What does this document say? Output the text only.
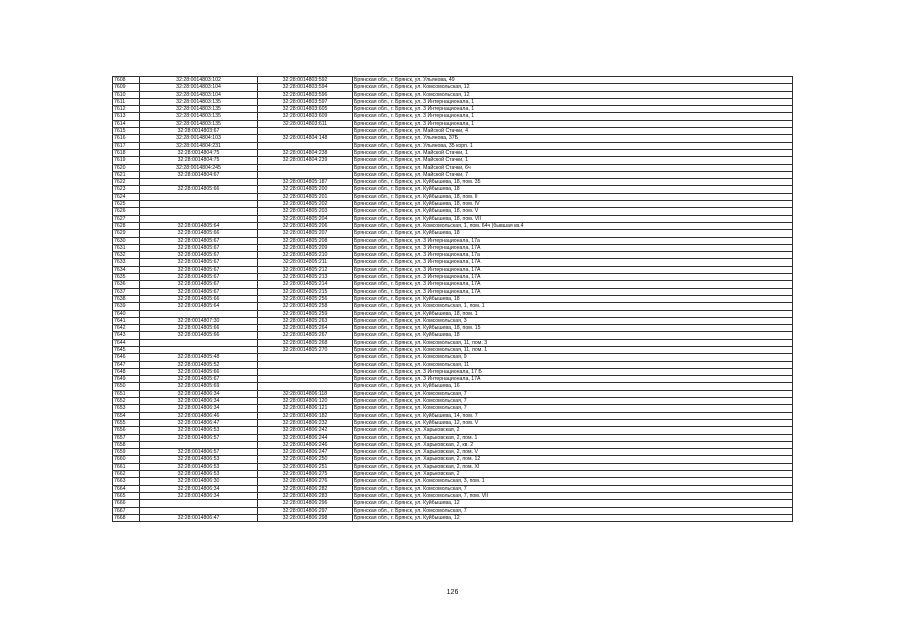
7608	32:28:0014803:102	32:28:0014803:592	Брянская обл., г. Брянск, ул. Ульянова, 49
7609	32:28:0014803:104	32:28:0014803:594	Брянская обл., г. Брянск, ул. Комсомольская, 12
7610	32:28:0014803:104	32:28:0014803:596	Брянская обл., г. Брянск, ул. Комсомольская, 12
7611	32:28:0014803:135	32:28:0014803:597	Брянская обл., г. Брянск, ул. 3 Интернационала, 1
7612	32:28:0014803:135	32:28:0014803:605	Брянская обл., г. Брянск, ул. 3 Интернационала, 1
7613	32:28:0014803:135	32:28:0014803:609	Брянская обл., г. Брянск, ул. 3 Интернационала, 1
7614	32:28:0014803:135	32:28:0014803:611	Брянская обл., г. Брянск, ул. 3 Интернационала, 1
7615	32:28:0014803:67		Брянская обл., г. Брянск, ул. Майской Стачки, 4
7616	32:28:0014804:103	32:28:0014804:148	Брянская обл., г. Брянск, ул. Ульянова, 37Б
7617	32:28:0014804:231		Брянская обл., г. Брянск, ул. Ульянова, 35 корп. 1
7618	32:28:0014804:75	32:28:0014804:238	Брянская обл., г. Брянск, ул. Майской Стачки, 1
7619	32:28:0014804:75	32:28:0014804:239	Брянская обл., г. Брянск, ул. Майской Стачки, 1
7620	32:28:0014804:245		Брянская обл., г. Брянск, ул. Майской Стачки, 6ч
7621	32:28:0014804:67		Брянская обл., г. Брянск, ул. Майской Стачки, 7
7622		32:28:0014805:187	Брянская обл., г. Брянск, ул. Куйбышева, 18, пом. 35
7623	32:28:0014805:66	32:28:0014805:200	Брянская обл., г. Брянск, ул. Куйбышева, 18
7624		32:28:0014805:201	Брянская обл., г. Брянск, ул. Куйбышева, 18, пом. II
7625		32:28:0014805:202	Брянская обл., г. Брянск, ул. Куйбышева, 18, пом. IV
7626		32:28:0014805:203	Брянская обл., г. Брянск, ул. Куйбышева, 18, пом. V
7627		32:28:0014805:204	Брянская обл., г. Брянск, ул. Куйбышева, 18, пом. VII
7628	32:28:0014805:64	32:28:0014805:206	Брянская обл., г. Брянск, ул. Комсомольская, 1, пом. 64ч (бывшая кв.4
7629	32:28:0014805:66	32:28:0014805:207	Брянская обл., г. Брянск, ул. Куйбышева, 18
7630	32:28:0014805:67	32:28:0014805:208	Брянская обл., г. Брянск, ул. 3 Интернационала, 17а
7631	32:28:0014805:67	32:28:0014805:209	Брянская обл., г. Брянск, ул. 3 Интернационала, 17А
7632	32:28:0014805:67	32:28:0014805:210	Брянская обл., г. Брянск, ул. 3 Интернационала, 17а
7633	32:28:0014805:67	32:28:0014805:211	Брянская обл., г. Брянск, ул. 3 Интернационала, 17А
7634	32:28:0014805:67	32:28:0014805:212	Брянская обл., г. Брянск, ул. 3 Интернационала, 17А
7635	32:28:0014805:67	32:28:0014805:213	Брянская обл., г. Брянск, ул. 3 Интернационала, 17А
7636	32:28:0014805:67	32:28:0014805:214	Брянская обл., г. Брянск, ул. 3 Интернационала, 17А
7637	32:28:0014805:67	32:28:0014805:215	Брянская обл., г. Брянск, ул. 3 Интернационала, 17А
7638	32:28:0014805:66	32:28:0014805:256	Брянская обл., г. Брянск, ул. Куйбышева, 18
7639	32:28:0014805:64	32:28:0014805:258	Брянская обл., г. Брянск, ул. Комсомольская, 1, пом. 1
7640		32:28:0014805:259	Брянская обл., г. Брянск, ул. Куйбышева, 18, пом. 1
7641	32:28:0014807:30	32:28:0014805:263	Брянская обл., г. Брянск, ул. Комсомольская, 3
7642	32:28:0014805:66	32:28:0014805:264	Брянская обл., г. Брянск, ул. Куйбышева, 18, пом. 15
7643	32:28:0014805:66	32:28:0014805:267	Брянская обл., г. Брянск, ул. Куйбышева, 18
7644		32:28:0014805:268	Брянская обл., г. Брянск, ул. Комсомольская, 11, пом. 3
7645		32:28:0014805:270	Брянская обл., г. Брянск, ул. Комсомольская, 11, пом. 1
7646	32:28:0014805:48		Брянская обл., г. Брянск, ул. Комсомольская, 9
7647	32:28:0014805:52		Брянская обл., г. Брянск, ул. Комсомольская, 11
7648	32:28:0014805:66		Брянская обл., г. Брянск, ул. 3 Интернационала, 17 Б
7649	32:28:0014805:67		Брянская обл., г. Брянск, ул. 3 Интернационала, 17А
7650	32:28:0014805:69		Брянская обл., г. Брянск, ул. Куйбышева, 16
7651	32:28:0014806:34	32:28:0014806:118	Брянская обл., г. Брянск, ул. Комсомольская, 7
7652	32:28:0014806:34	32:28:0014806:120	Брянская обл., г. Брянск, ул. Комсомольская, 7
7653	32:28:0014806:34	32:28:0014806:121	Брянская обл., г. Брянск, ул. Комсомольская, 7
7654	32:28:0014806:46	32:28:0014806:182	Брянская обл., г. Брянск, ул. Куйбышева, 14, пом. 7
7655	32:28:0014806:47	32:28:0014806:232	Брянская обл., г. Брянск, ул. Куйбышева, 12, пом. V
7656	32:28:0014806:53	32:28:0014806:242	Брянская обл., г. Брянск, ул. Харьковская, 2
7657	32:28:0014806:57	32:28:0014806:244	Брянская обл., г. Брянск, ул. Харьковская, 2, пом. 1
7658		32:28:0014806:246	Брянская обл., г. Брянск, ул. Харьковская, 2, кв. 2
7659	32:28:0014806:57	32:28:0014806:247	Брянская обл., г. Брянск, ул. Харьковская, 2, пом. V
7660	32:28:0014806:53	32:28:0014806:250	Брянская обл., г. Брянск, ул. Харьковская, 2, пом. 12
7661	32:28:0014806:53	32:28:0014806:251	Брянская обл., г. Брянск, ул. Харьковская, 2, пом. XI
7662	32:28:0014806:53	32:28:0014806:275	Брянская обл., г. Брянск, ул. Харьковская, 2
7663	32:28:0014806:30	32:28:0014806:276	Брянская обл., г. Брянск, ул. Комсомольская, 3, пом. 1
7664	32:28:0014806:34	32:28:0014806:282	Брянская обл., г. Брянск, ул. Комсомольская, 7
7665	32:28:0014806:34	32:28:0014806:283	Брянская обл., г. Брянск, ул. Комсомольская, 7, пом. VII
7666		32:28:0014806:296	Брянская обл., г. Брянск, ул. Куйбышева, 12
7667		32:28:0014806:297	Брянская обл., г. Брянск, ул. Комсомольская, 7
7668	32:28:0014806:47	32:28:0014806:298	Брянская обл., г. Брянск, ул. Куйбышева, 12
126
